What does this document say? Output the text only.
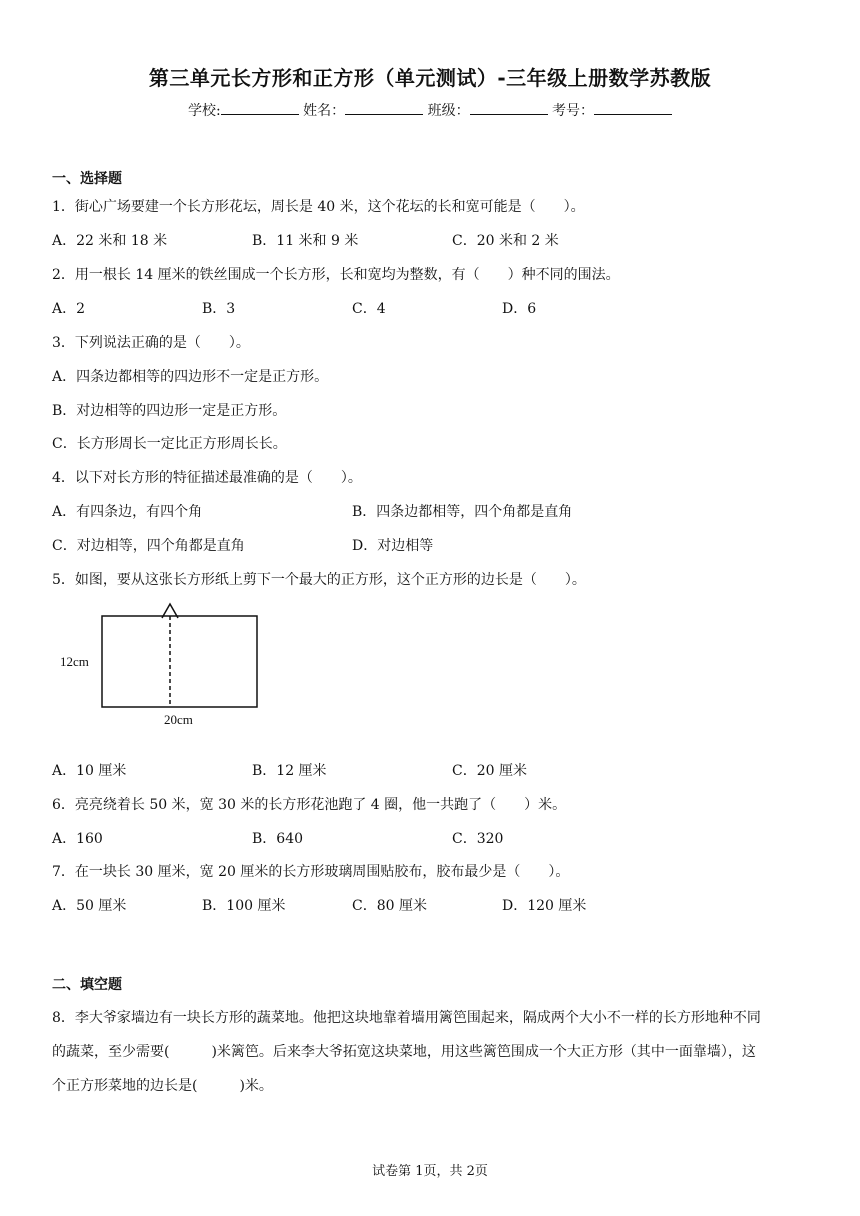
第三单元长方形和正方形（单元测试）-三年级上册数学苏教版
学校:	姓名：	班级：	考号：
一、选择题
1．街心广场要建一个长方形花坛，周长是 40 米，这个花坛的长和宽可能是（　　）。
A．22 米和 18 米	B．11 米和 9 米	C．20 米和 2 米
2．用一根长 14 厘米的铁丝围成一个长方形，长和宽均为整数，有（　　）种不同的围法。
A．2	B．3	C．4	D．6
3．下列说法正确的是（　　）。
A．四条边都相等的四边形不一定是正方形。
B．对边相等的四边形一定是正方形。
C．长方形周长一定比正方形周长长。
4．以下对长方形的特征描述最准确的是（　　）。
A．有四条边，有四个角	B．四条边都相等，四个角都是直角
C．对边相等，四个角都是直角	D．对边相等
5．如图，要从这张长方形纸上剪下一个最大的正方形，这个正方形的边长是（　　）。
12cm
20cm
A．10 厘米	B．12 厘米	C．20 厘米
6．亮亮绕着长 50 米，宽 30 米的长方形花池跑了 4 圈，他一共跑了（　　）米。
A．160	B．640	C．320
7．在一块长 30 厘米，宽 20 厘米的长方形玻璃周围贴胶布，胶布最少是（　　）。
A．50 厘米	B．100 厘米	C．80 厘米	D．120 厘米
二、填空题
8．李大爷家墙边有一块长方形的蔬菜地。他把这块地靠着墙用篱笆围起来，隔成两个大小不一样的长方形地种不同
的蔬菜，至少需要(　　　)米篱笆。后来李大爷拓宽这块菜地，用这些篱笆围成一个大正方形（其中一面靠墙），这
个正方形菜地的边长是(　　　)米。
试卷第 1页，共 2页
